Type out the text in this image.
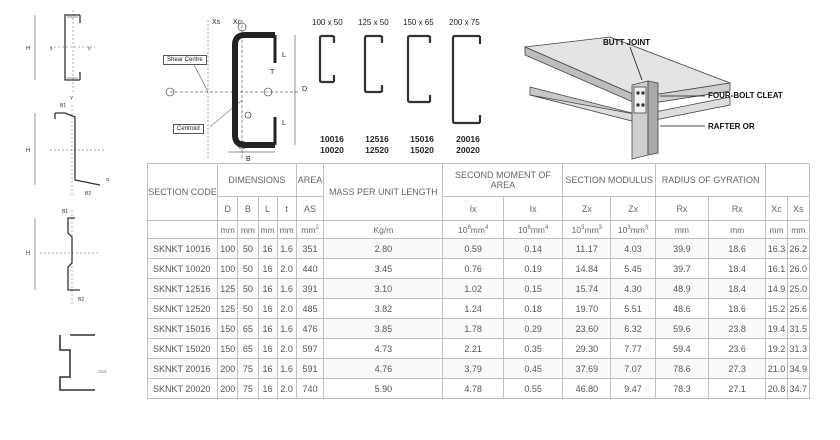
H	x	x
Y
H
B1
B2
α
H
B1
B2
2021
Xs Xc
D
L
L
T
B
Shear Centre
Centroid
100 x 50 125 x 50 150 x 65 200 x 75
10016
10020
12516
12520
15016
15020
20016
20020
BUTT JOINT
FOUR-BOLT CLEAT
RAFTER OR
SECTION CODE	DIMENSIONS				AREA	MASS PER UNIT LENGTH	SECOND MOMENT OF AREA		SECTION MODULUS		RADIUS OF GYRATION			
	D	B	L	t	AS		Ix	Ix	Zx	Zx	Rx	Rx	Xc	Xs
	mm	mm	mm	mm	$mm^2$	Kg/m	$10^6mm^4$	$10^6mm^4$	$10^3mm^3$	$10^3mm^3$	mm	mm	mm	mm
SKNKT 10016	100	50	16	1.6	351	2.80	0.59	0.14	11.17	4.03	39.9	18.6	16.3	26.2
SKNKT 10020	100	50	16	2.0	440	3.45	0.76	0.19	14.84	5.45	39.7	18.4	16.1	26.0
SKNKT 12516	125	50	16	1.6	391	3.10	1.02	0.15	15.74	4.30	48.9	18.4	14.9	25.0
SKNKT 12520	125	50	16	2.0	485	3.82	1.24	0.18	19.70	5.51	48.6	18.6	15.2	25.6
SKNKT 15016	150	65	16	1.6	476	3.85	1.78	0.29	23.60	6.32	59.6	23.8	19.4	31.5
SKNKT 15020	150	65	16	2.0	597	4.73	2.21	0.35	29.30	7.77	59.4	23.6	19.2	31.3
SKNKT 20016	200	75	16	1.6	591	4.76	3.79	0.45	37.69	7.07	78.6	27.3	21.0	34.9
SKNKT 20020	200	75	16	2.0	740	5.90	4.78	0.55	46.80	9.47	78.3	27.1	20.8	34.7
